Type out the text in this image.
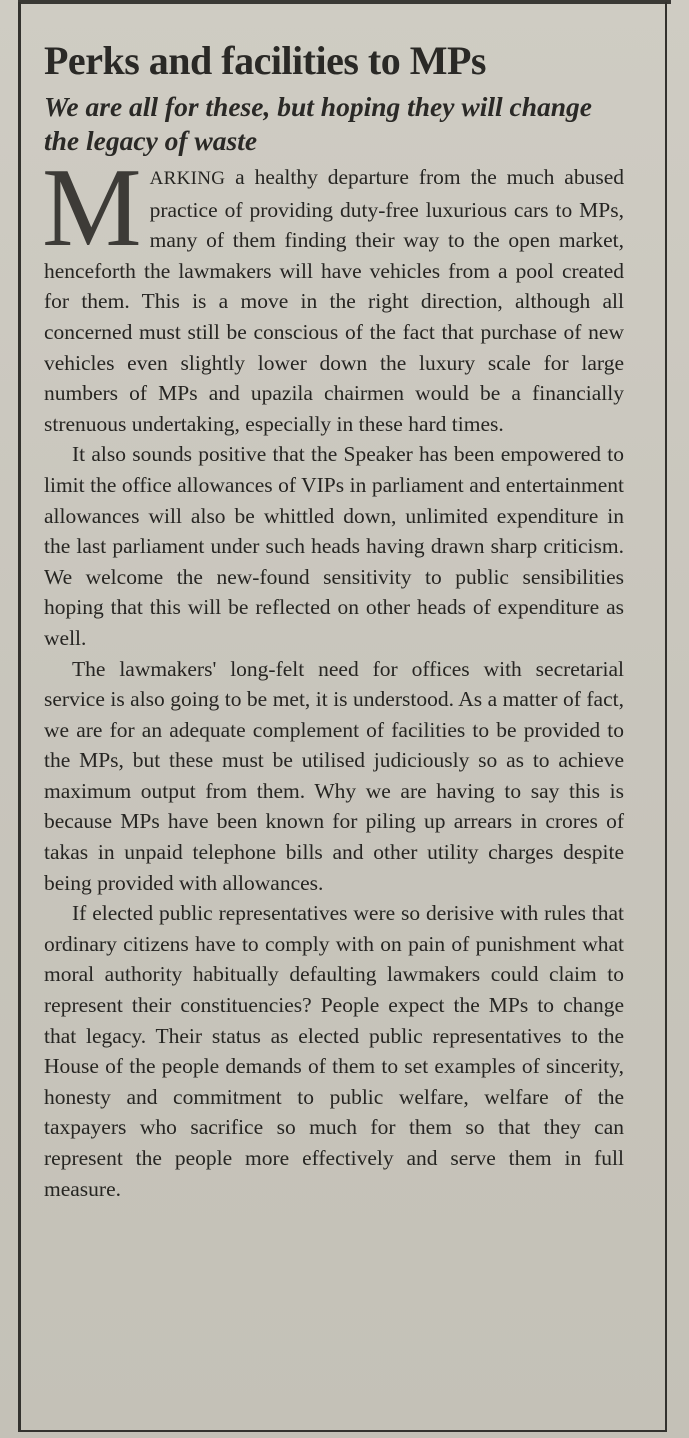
Perks and facilities to MPs
We are all for these, but hoping they will change the legacy of waste

MARKING a healthy departure from the much abused practice of providing duty-free luxurious cars to MPs, many of them finding their way to the open market, henceforth the lawmakers will have vehicles from a pool created for them. This is a move in the right direction, although all concerned must still be conscious of the fact that purchase of new vehicles even slightly lower down the luxury scale for large numbers of MPs and upazila chairmen would be a financially strenuous undertaking, especially in these hard times.

It also sounds positive that the Speaker has been empowered to limit the office allowances of VIPs in parliament and entertainment allowances will also be whittled down, unlimited expenditure in the last parliament under such heads having drawn sharp criticism. We welcome the new-found sensitivity to public sensibilities hoping that this will be reflected on other heads of expenditure as well.

The lawmakers' long-felt need for offices with secretarial service is also going to be met, it is understood. As a matter of fact, we are for an adequate complement of facilities to be provided to the MPs, but these must be utilised judiciously so as to achieve maximum output from them. Why we are having to say this is because MPs have been known for piling up arrears in crores of takas in unpaid telephone bills and other utility charges despite being provided with allowances.

If elected public representatives were so derisive with rules that ordinary citizens have to comply with on pain of punishment what moral authority habitually defaulting lawmakers could claim to represent their constituencies? People expect the MPs to change that legacy. Their status as elected public representatives to the House of the people demands of them to set examples of sincerity, honesty and commitment to public welfare, welfare of the taxpayers who sacrifice so much for them so that they can represent the people more effectively and serve them in full measure.
